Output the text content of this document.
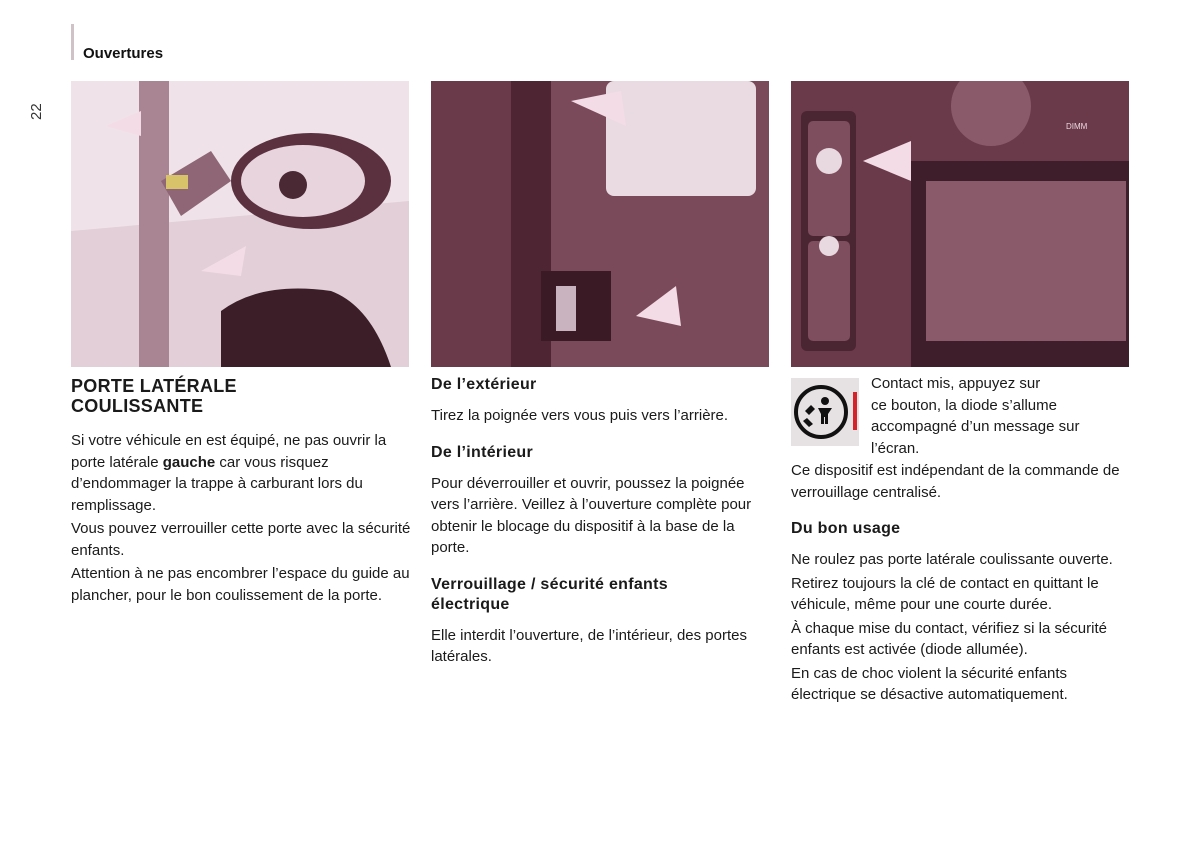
Ouvertures
22
DIMM
PORTE LATÉRALE
COULISSANTE

Si votre véhicule en est équipé, ne pas ouvrir la porte latérale gauche car vous risquez d’endommager la trappe à carburant lors du remplissage.

Vous pouvez verrouiller cette porte avec la sécurité enfants.

Attention à ne pas encombrer l’espace du guide au plancher, pour le bon coulissement de la porte.

De l’extérieur

Tirez la poignée vers vous puis vers l’arrière.

De l’intérieur

Pour déverrouiller et ouvrir, poussez la poignée vers l’arrière. Veillez à l’ouverture complète pour obtenir le blocage du dispositif à la base de la porte.

Verrouillage / sécurité enfants
électrique

Elle interdit l’ouverture, de l’intérieur, des portes latérales.

Contact mis, appuyez sur
ce bouton, la diode s’allume
accompagné d’un message sur
l’écran.

Ce dispositif est indépendant de la commande de verrouillage centralisé.

Du bon usage

Ne roulez pas porte latérale coulissante ouverte.

Retirez toujours la clé de contact en quittant le véhicule, même pour une courte durée.

À chaque mise du contact, vérifiez si la sécurité enfants est activée (diode allumée).

En cas de choc violent la sécurité enfants électrique se désactive automatiquement.
